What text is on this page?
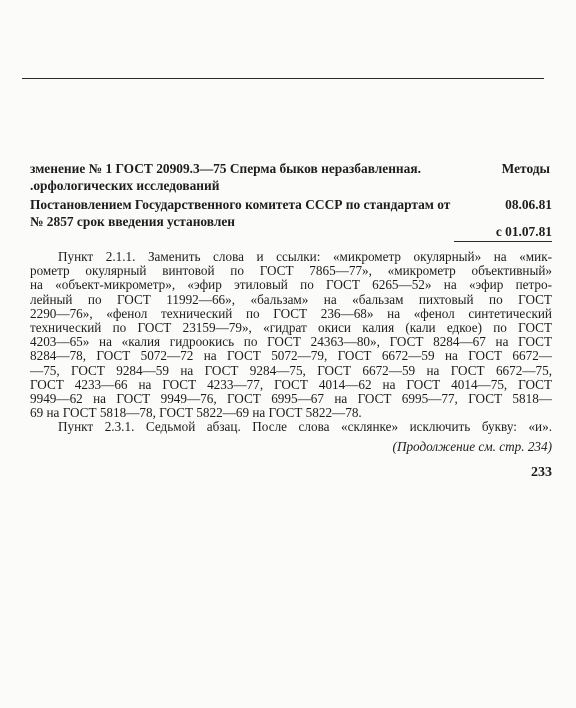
зменение № 1 ГОСТ 20909.3—75 Сперма быков неразбавленная.	Методы
.орфологических исследований
Постановлением Государственного комитета СССР по стандартам от	08.06.81
№ 2857 срок введения установлен
с 01.07.81

Пункт 2.1.1. Заменить слова и ссылки: «микрометр окулярный» на «мик-

рометр окулярный винтовой по ГОСТ 7865—77», «микрометр объективный»

на «объект-микрометр», «эфир этиловый по ГОСТ 6265—52» на «эфир петро-

лейный по ГОСТ 11992—66», «бальзам» на «бальзам пихтовый по ГОСТ

2290—76», «фенол технический по ГОСТ 236—68» на «фенол синтетический

технический по ГОСТ 23159—79», «гидрат окиси калия (кали едкое) по ГОСТ

4203—65» на «калия гидроокись по ГОСТ 24363—80», ГОСТ 8284—67 на ГОСТ

8284—78, ГОСТ 5072—72 на ГОСТ 5072—79, ГОСТ 6672—59 на ГОСТ 6672—

—75, ГОСТ 9284—59 на ГОСТ 9284—75, ГОСТ 6672—59 на ГОСТ 6672—75,

ГОСТ 4233—66 на ГОСТ 4233—77, ГОСТ 4014—62 на ГОСТ 4014—75, ГОСТ

9949—62 на ГОСТ 9949—76, ГОСТ 6995—67 на ГОСТ 6995—77, ГОСТ 5818—

69 на ГОСТ 5818—78, ГОСТ 5822—69 на ГОСТ 5822—78.

Пункт 2.3.1. Седьмой абзац. После слова «склянке» исключить букву: «и».

(Продолжение см. стр. 234)
233
